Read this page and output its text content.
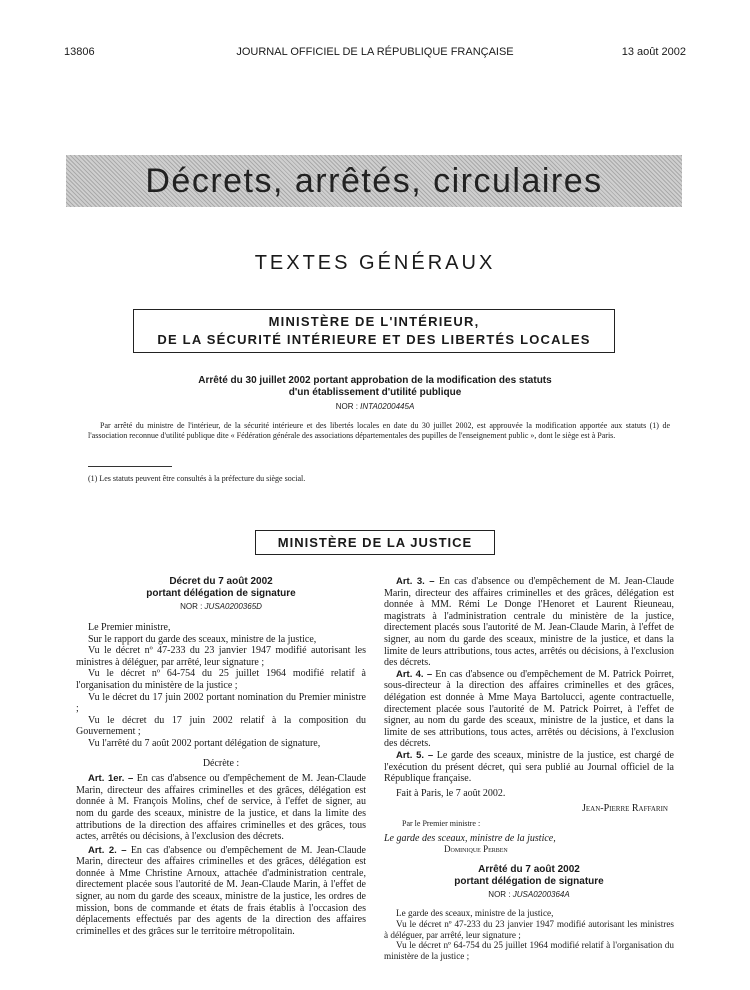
13806	JOURNAL OFFICIEL DE LA RÉPUBLIQUE FRANÇAISE	13 août 2002
Décrets, arrêtés, circulaires
TEXTES GÉNÉRAUX
MINISTÈRE DE L'INTÉRIEUR,
DE LA SÉCURITÉ INTÉRIEURE ET DES LIBERTÉS LOCALES
Arrêté du 30 juillet 2002 portant approbation de la modification des statuts
d'un établissement d'utilité publique
NOR : INTA0200445A

Par arrêté du ministre de l'intérieur, de la sécurité intérieure et des libertés locales en date du 30 juillet 2002, est approuvée la modification apportée aux statuts (1) de l'association reconnue d'utilité publique dite « Fédération générale des associations départementales des pupilles de l'enseignement public », dont le siège est à Paris.

(1) Les statuts peuvent être consultés à la préfecture du siège social.

MINISTÈRE DE LA JUSTICE
Décret du 7 août 2002
portant délégation de signature
NOR : JUSA0200365D

Le Premier ministre,

Sur le rapport du garde des sceaux, ministre de la justice,

Vu le décret nº 47-233 du 23 janvier 1947 modifié autorisant les ministres à déléguer, par arrêté, leur signature ;

Vu le décret nº 64-754 du 25 juillet 1964 modifié relatif à l'organisation du ministère de la justice ;

Vu le décret du 17 juin 2002 portant nomination du Premier ministre ;

Vu le décret du 17 juin 2002 relatif à la composition du Gouvernement ;

Vu l'arrêté du 7 août 2002 portant délégation de signature,

Décrète :

Art. 1er. – En cas d'absence ou d'empêchement de M. Jean-Claude Marin, directeur des affaires criminelles et des grâces, délégation est donnée à M. François Molins, chef de service, à l'effet de signer, au nom du garde des sceaux, ministre de la justice, et dans la limite des attributions de la direction des affaires criminelles et des grâces, tous actes, arrêtés ou décisions, à l'exclusion des décrets.

Art. 2. – En cas d'absence ou d'empêchement de M. Jean-Claude Marin, directeur des affaires criminelles et des grâces, délégation est donnée à Mme Christine Arnoux, attachée d'administration centrale, directement placée sous l'autorité de M. Jean-Claude Marin, à l'effet de signer, au nom du garde des sceaux, ministre de la justice, les ordres de mission, bons de commande et états de frais établis à l'occasion des déplacements effectués par des agents de la direction des affaires criminelles et des grâces sur le territoire métropolitain.

Art. 3. – En cas d'absence ou d'empêchement de M. Jean-Claude Marin, directeur des affaires criminelles et des grâces, délégation est donnée à MM. Rémi Le Donge l'Henoret et Laurent Rieuneau, magistrats à l'administration centrale du ministère de la justice, directement placés sous l'autorité de M. Jean-Claude Marin, à l'effet de signer, au nom du garde des sceaux, ministre de la justice, et dans la limite de leurs attributions, tous actes, arrêtés ou décisions, à l'exclusion des décrets.

Art. 4. – En cas d'absence ou d'empêchement de M. Patrick Poirret, sous-directeur à la direction des affaires criminelles et des grâces, délégation est donnée à Mme Maya Bartolucci, agente contractuelle, directement placée sous l'autorité de M. Patrick Poirret, à l'effet de signer, au nom du garde des sceaux, ministre de la justice, et dans la limite de ses attributions, tous actes, arrêtés ou décisions, à l'exclusion des décrets.

Art. 5. – Le garde des sceaux, ministre de la justice, est chargé de l'exécution du présent décret, qui sera publié au Journal officiel de la République française.

Fait à Paris, le 7 août 2002.

Jean-Pierre Raffarin

Par le Premier ministre :

Le garde des sceaux, ministre de la justice,

Dominique Perben

Arrêté du 7 août 2002
portant délégation de signature
NOR : JUSA0200364A

Le garde des sceaux, ministre de la justice,

Vu le décret nº 47-233 du 23 janvier 1947 modifié autorisant les ministres à déléguer, par arrêté, leur signature ;

Vu le décret nº 64-754 du 25 juillet 1964 modifié relatif à l'organisation du ministère de la justice ;
